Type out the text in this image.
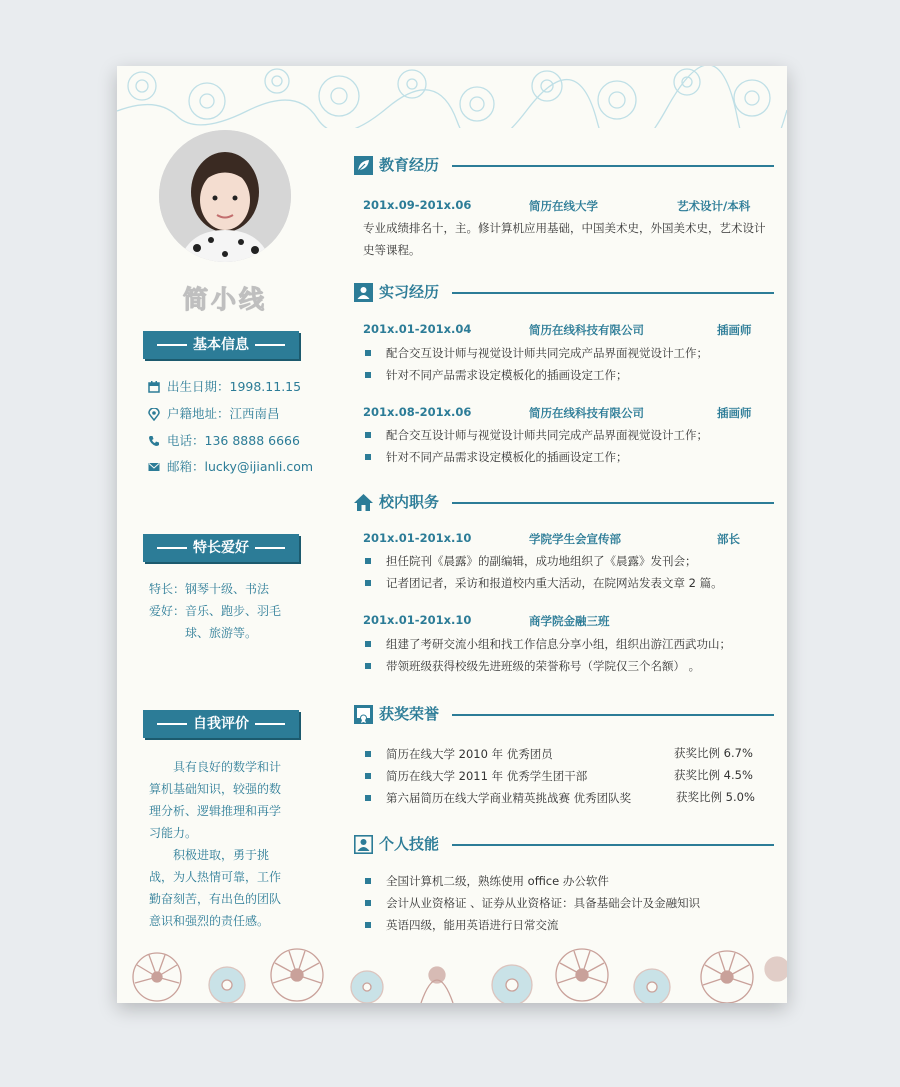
简小线
基本信息
出生日期：1998.11.15
户籍地址：江西南昌
电话：136 8888 6666
邮箱：lucky@ijianli.com
特长爱好
特长：钢琴十级、书法
爱好：音乐、跑步、羽毛
球、旅游等。
自我评价

具有良好的数学和计算机基础知识，较强的数理分析、逻辑推理和再学习能力。

积极进取，勇于挑战，为人热情可靠，工作勤奋刻苦，有出色的团队意识和强烈的责任感。

教育经历
201x.09-201x.06	简历在线大学	艺术设计/本科
专业成绩排名十，主。修计算机应用基础，中国美术史，外国美术史，艺术设计史等课程。
实习经历
201x.01-201x.04	简历在线科技有限公司	插画师
配合交互设计师与视觉设计师共同完成产品界面视觉设计工作；
针对不同产品需求设定模板化的插画设定工作；
201x.08-201x.06	简历在线科技有限公司	插画师
配合交互设计师与视觉设计师共同完成产品界面视觉设计工作；
针对不同产品需求设定模板化的插画设定工作；
校内职务
201x.01-201x.10	学院学生会宣传部	部长
担任院刊《晨露》的副编辑，成功地组织了《晨露》发刊会；
记者团记者，采访和报道校内重大活动，在院网站发表文章 2 篇。
201x.01-201x.10	商学院金融三班
组建了考研交流小组和找工作信息分享小组，组织出游江西武功山；
带领班级获得校级先进班级的荣誉称号（学院仅三个名额） 。
获奖荣誉
简历在线大学 2010 年 优秀团员	获奖比例 6.7%
简历在线大学 2011 年 优秀学生团干部	获奖比例 4.5%
第六届简历在线大学商业精英挑战赛 优秀团队奖	获奖比例 5.0%
个人技能
全国计算机二级，熟练使用 office 办公软件
会计从业资格证 、证券从业资格证：具备基础会计及金融知识
英语四级，能用英语进行日常交流
